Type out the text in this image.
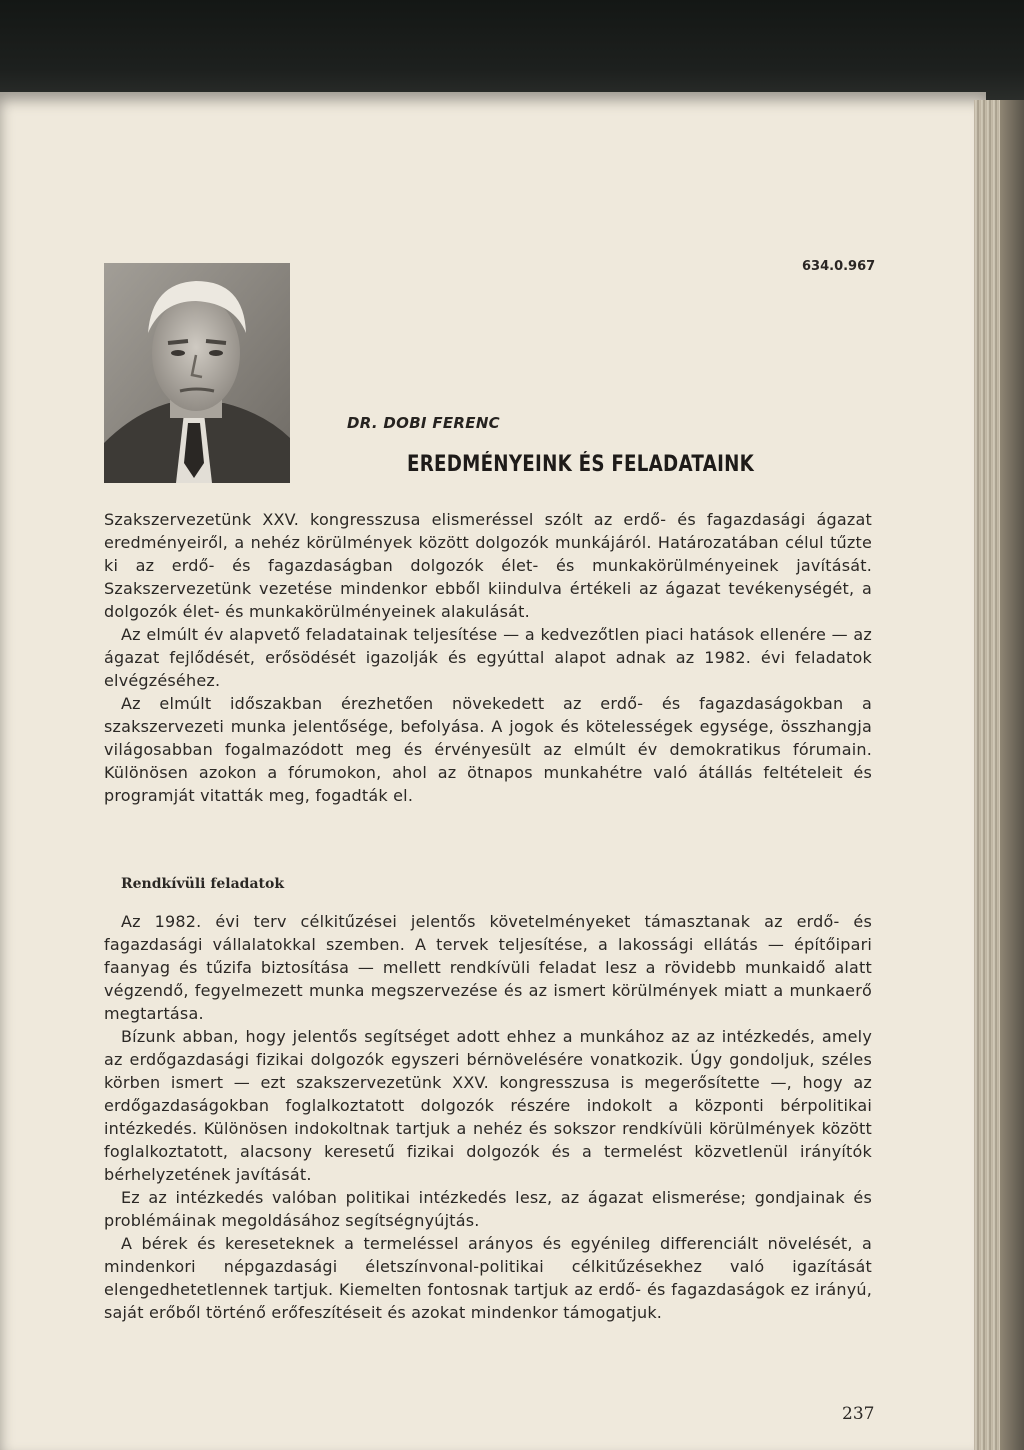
634.0.967
DR. DOBI FERENC
EREDMÉNYEINK ÉS FELADATAINK

Szakszervezetünk XXV. kongresszusa elismeréssel szólt az erdő- és fagazdasági ágazat eredményeiről, a nehéz körülmények között dolgozók munkájáról. Határozatában célul tűzte ki az erdő- és fagazdaságban dolgozók élet- és munkakörülményeinek javítását. Szakszervezetünk vezetése mindenkor ebből kiindulva értékeli az ágazat tevékenységét, a dolgozók élet- és munkakörülményeinek alakulását.

Az elmúlt év alapvető feladatainak teljesítése — a kedvezőtlen piaci hatások ellenére — az ágazat fejlődését, erősödését igazolják és egyúttal alapot adnak az 1982. évi feladatok elvégzéséhez.

Az elmúlt időszakban érezhetően növekedett az erdő- és fagazdaságokban a szakszervezeti munka jelentősége, befolyása. A jogok és kötelességek egysége, összhangja világosabban fogalmazódott meg és érvényesült az elmúlt év demokratikus fórumain. Különösen azokon a fórumokon, ahol az ötnapos munkahétre való átállás feltételeit és programját vitatták meg, fogadták el.

Rendkívüli feladatok

Az 1982. évi terv célkitűzései jelentős követelményeket támasztanak az erdő- és fagazdasági vállalatokkal szemben. A tervek teljesítése, a lakossági ellátás — építőipari faanyag és tűzifa biztosítása — mellett rendkívüli feladat lesz a rövidebb munkaidő alatt végzendő, fegyelmezett munka megszervezése és az ismert körülmények miatt a munkaerő megtartása.

Bízunk abban, hogy jelentős segítséget adott ehhez a munkához az az intézkedés, amely az erdőgazdasági fizikai dolgozók egyszeri bérnövelésére vonatkozik. Úgy gondoljuk, széles körben ismert — ezt szakszervezetünk XXV. kongresszusa is megerősítette —, hogy az erdőgazdaságokban foglalkoztatott dolgozók részére indokolt a központi bérpolitikai intézkedés. Különösen indokoltnak tartjuk a nehéz és sokszor rendkívüli körülmények között foglalkoztatott, alacsony keresetű fizikai dolgozók és a termelést közvetlenül irányítók bérhelyzetének javítását.

Ez az intézkedés valóban politikai intézkedés lesz, az ágazat elismerése; gondjainak és problémáinak megoldásához segítségnyújtás.

A bérek és kereseteknek a termeléssel arányos és egyénileg differenciált növelését, a mindenkori népgazdasági életszínvonal-politikai célkitűzésekhez való igazítását elengedhetetlennek tartjuk. Kiemelten fontosnak tartjuk az erdő- és fagazdaságok ez irányú, saját erőből történő erőfeszítéseit és azokat mindenkor támogatjuk.

237
